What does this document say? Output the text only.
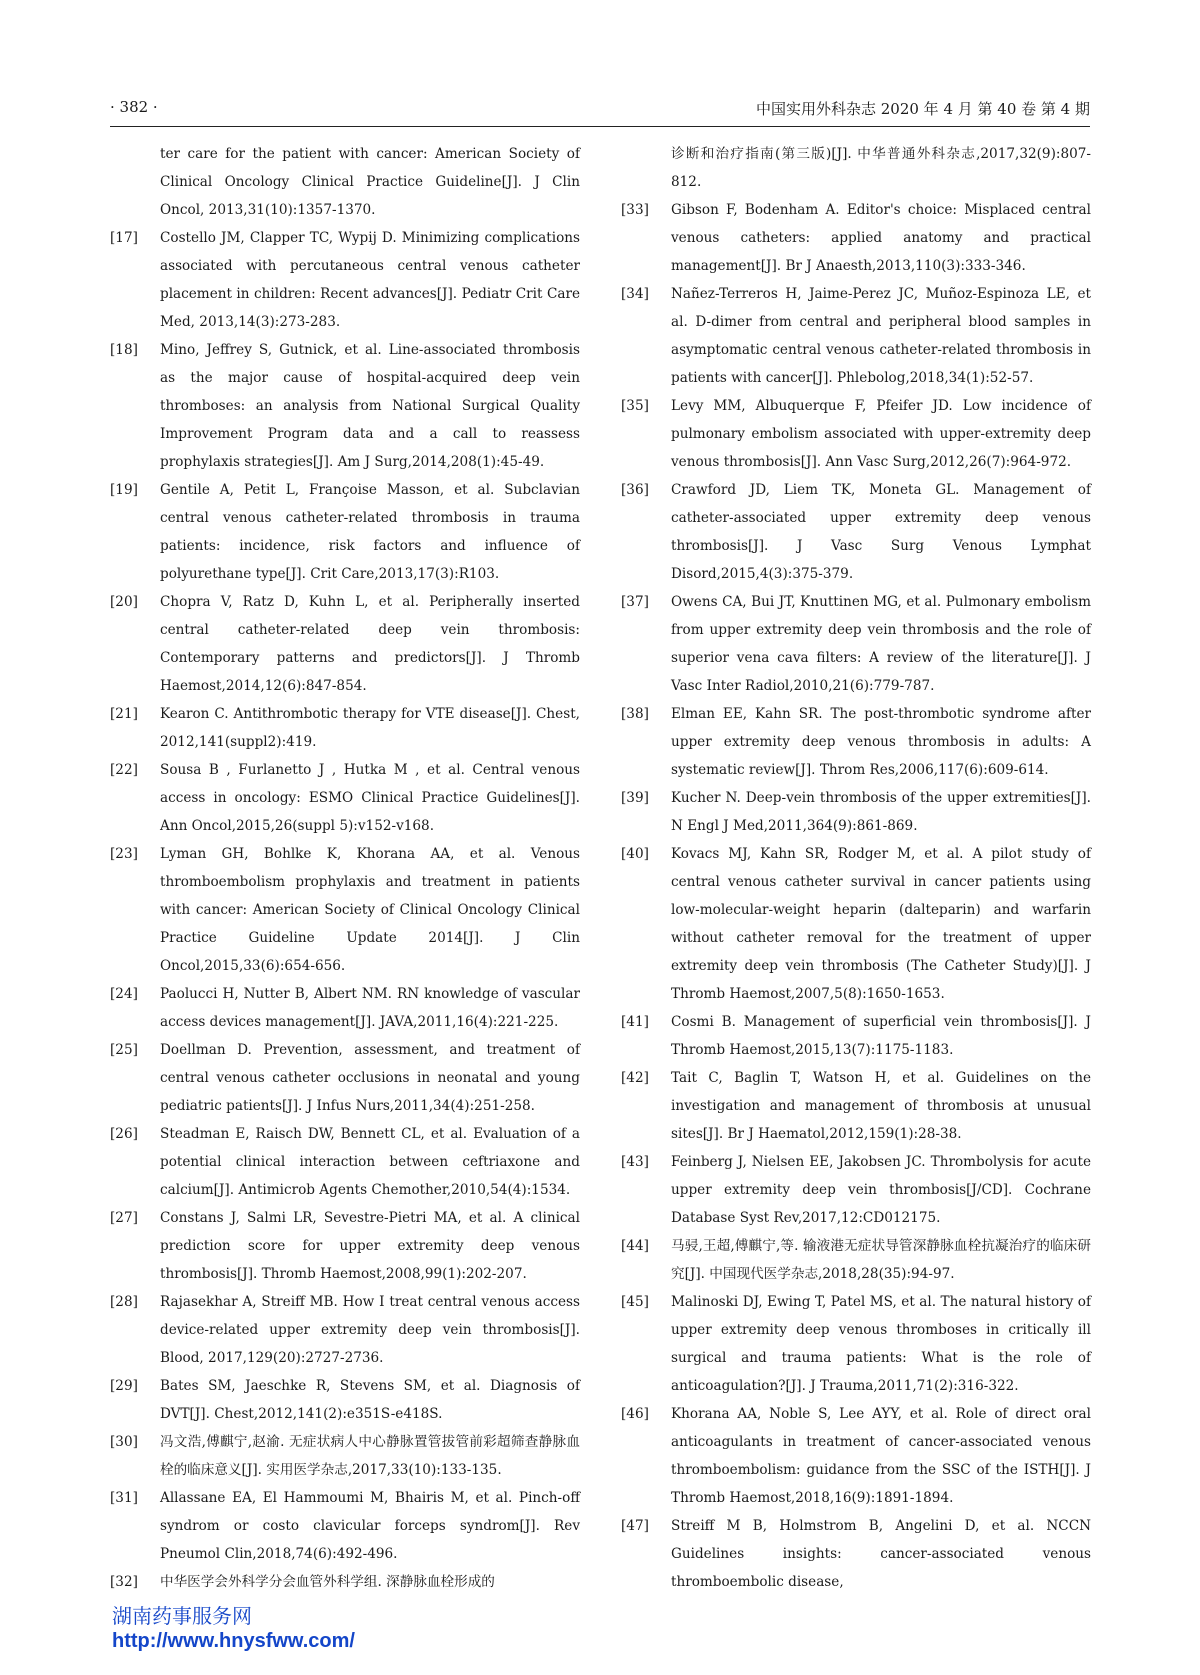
· 382 ·	中国实用外科杂志 2020 年 4 月 第 40 卷 第 4 期
ter care for the patient with cancer: American Society of Clinical Oncology Clinical Practice Guideline[J]. J Clin Oncol, 2013,31(10):1357-1370.
[17]	Costello JM, Clapper TC, Wypij D. Minimizing complications associated with percutaneous central venous catheter placement in children: Recent advances[J]. Pediatr Crit Care Med, 2013,14(3):273-283.
[18]	Mino, Jeffrey S, Gutnick, et al. Line-associated thrombosis as the major cause of hospital-acquired deep vein thromboses: an analysis from National Surgical Quality Improvement Program data and a call to reassess prophylaxis strategies[J]. Am J Surg,2014,208(1):45-49.
[19]	Gentile A, Petit L, Françoise Masson, et al. Subclavian central venous catheter-related thrombosis in trauma patients: incidence, risk factors and influence of polyurethane type[J]. Crit Care,2013,17(3):R103.
[20]	Chopra V, Ratz D, Kuhn L, et al. Peripherally inserted central catheter-related deep vein thrombosis: Contemporary patterns and predictors[J]. J Thromb Haemost,2014,12(6):847-854.
[21]	Kearon C. Antithrombotic therapy for VTE disease[J]. Chest, 2012,141(suppl2):419.
[22]	Sousa B , Furlanetto J , Hutka M , et al. Central venous access in oncology: ESMO Clinical Practice Guidelines[J]. Ann Oncol,2015,26(suppl 5):v152-v168.
[23]	Lyman GH, Bohlke K, Khorana AA, et al. Venous thromboembolism prophylaxis and treatment in patients with cancer: American Society of Clinical Oncology Clinical Practice Guideline Update 2014[J]. J Clin Oncol,2015,33(6):654-656.
[24]	Paolucci H, Nutter B, Albert NM. RN knowledge of vascular access devices management[J]. JAVA,2011,16(4):221-225.
[25]	Doellman D. Prevention, assessment, and treatment of central venous catheter occlusions in neonatal and young pediatric patients[J]. J Infus Nurs,2011,34(4):251-258.
[26]	Steadman E, Raisch DW, Bennett CL, et al. Evaluation of a potential clinical interaction between ceftriaxone and calcium[J]. Antimicrob Agents Chemother,2010,54(4):1534.
[27]	Constans J, Salmi LR, Sevestre-Pietri MA, et al. A clinical prediction score for upper extremity deep venous thrombosis[J]. Thromb Haemost,2008,99(1):202-207.
[28]	Rajasekhar A, Streiff MB. How I treat central venous access device-related upper extremity deep vein thrombosis[J]. Blood, 2017,129(20):2727-2736.
[29]	Bates SM, Jaeschke R, Stevens SM, et al. Diagnosis of DVT[J]. Chest,2012,141(2):e351S-e418S.
[30]	冯文浩,傅麒宁,赵渝. 无症状病人中心静脉置管拔管前彩超筛查静脉血栓的临床意义[J]. 实用医学杂志,2017,33(10):133-135.
[31]	Allassane EA, El Hammoumi M, Bhairis M, et al. Pinch-off syndrom or costo clavicular forceps syndrom[J]. Rev Pneumol Clin,2018,74(6):492-496.
[32]	中华医学会外科学分会血管外科学组. 深静脉血栓形成的
诊断和治疗指南(第三版)[J]. 中华普通外科杂志,2017,32(9):807-812.
[33]	Gibson F, Bodenham A. Editor's choice: Misplaced central venous catheters: applied anatomy and practical management[J]. Br J Anaesth,2013,110(3):333-346.
[34]	Nañez-Terreros H, Jaime-Perez JC, Muñoz-Espinoza LE, et al. D-dimer from central and peripheral blood samples in asymptomatic central venous catheter-related thrombosis in patients with cancer[J]. Phlebolog,2018,34(1):52-57.
[35]	Levy MM, Albuquerque F, Pfeifer JD. Low incidence of pulmonary embolism associated with upper-extremity deep venous thrombosis[J]. Ann Vasc Surg,2012,26(7):964-972.
[36]	Crawford JD, Liem TK, Moneta GL. Management of catheter-associated upper extremity deep venous thrombosis[J]. J Vasc Surg Venous Lymphat Disord,2015,4(3):375-379.
[37]	Owens CA, Bui JT, Knuttinen MG, et al. Pulmonary embolism from upper extremity deep vein thrombosis and the role of superior vena cava filters: A review of the literature[J]. J Vasc Inter Radiol,2010,21(6):779-787.
[38]	Elman EE, Kahn SR. The post-thrombotic syndrome after upper extremity deep venous thrombosis in adults: A systematic review[J]. Throm Res,2006,117(6):609-614.
[39]	Kucher N. Deep-vein thrombosis of the upper extremities[J]. N Engl J Med,2011,364(9):861-869.
[40]	Kovacs MJ, Kahn SR, Rodger M, et al. A pilot study of central venous catheter survival in cancer patients using low-molecular-weight heparin (dalteparin) and warfarin without catheter removal for the treatment of upper extremity deep vein thrombosis (The Catheter Study)[J]. J Thromb Haemost,2007,5(8):1650-1653.
[41]	Cosmi B. Management of superficial vein thrombosis[J]. J Thromb Haemost,2015,13(7):1175-1183.
[42]	Tait C, Baglin T, Watson H, et al. Guidelines on the investigation and management of thrombosis at unusual sites[J]. Br J Haematol,2012,159(1):28-38.
[43]	Feinberg J, Nielsen EE, Jakobsen JC. Thrombolysis for acute upper extremity deep vein thrombosis[J/CD]. Cochrane Database Syst Rev,2017,12:CD012175.
[44]	马骎,王超,傅麒宁,等. 输液港无症状导管深静脉血栓抗凝治疗的临床研究[J]. 中国现代医学杂志,2018,28(35):94-97.
[45]	Malinoski DJ, Ewing T, Patel MS, et al. The natural history of upper extremity deep venous thromboses in critically ill surgical and trauma patients: What is the role of anticoagulation?[J]. J Trauma,2011,71(2):316-322.
[46]	Khorana AA, Noble S, Lee AYY, et al. Role of direct oral anticoagulants in treatment of cancer-associated venous thromboembolism: guidance from the SSC of the ISTH[J]. J Thromb Haemost,2018,16(9):1891-1894.
[47]	Streiff M B, Holmstrom B, Angelini D, et al. NCCN Guidelines insights: cancer-associated venous thromboembolic disease,
湖南药事服务网
http://www.hnysfww.com/
